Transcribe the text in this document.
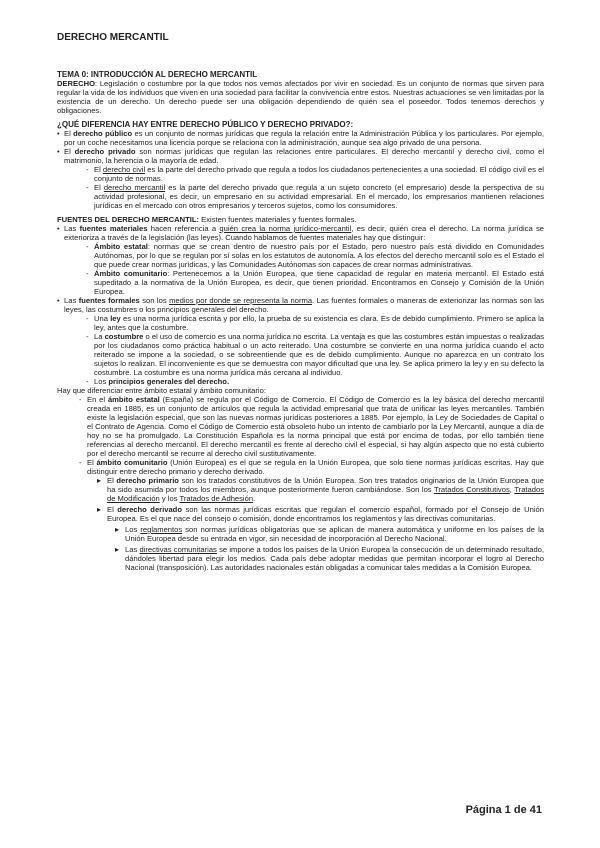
DERECHO MERCANTIL
TEMA 0: INTRODUCCIÓN AL DERECHO MERCANTIL

DERECHO: Legislación o costumbre por la que todos nos vemos afectados por vivir en sociedad. Es un conjunto de normas que sirven para regular la vida de los individuos que viven en una sociedad para facilitar la convivencia entre estos. Nuestras actuaciones se ven limitadas por la existencia de un derecho. Un derecho puede ser una obligación dependiendo de quién sea el poseedor. Todos tenemos derechos y obligaciones.

¿QUÉ DIFERENCIA HAY ENTRE DERECHO PÚBLICO Y DERECHO PRIVADO?:
• El derecho público es un conjunto de normas jurídicas que regula la relación entre la Administración Pública y los particulares. Por ejemplo, por un coche necesitamos una licencia porque se relaciona con la administración, aunque sea algo privado de una persona.
• El derecho privado son normas jurídicas que regulan las relaciones entre particulares. El derecho mercantil y derecho civil, como el matrimonio, la herencia o la mayoría de edad.
- El derecho civil es la parte del derecho privado que regula a todos los ciudadanos pertenecientes a una sociedad. El código civil es el conjunto de normas.
- El derecho mercantil es la parte del derecho privado que regula a un sujeto concreto (el empresario) desde la perspectiva de su actividad profesional, es decir, un empresario en su actividad empresarial. En el mercado, los empresarios mantienen relaciones jurídicas en el mercado con otros empresarios y terceros sujetos, como los consumidores.

FUENTES DEL DERECHO MERCANTIL: Existen fuentes materiales y fuentes formales.

• Las fuentes materiales hacen referencia a quién crea la norma jurídico-mercantil, es decir, quién crea el derecho. La norma jurídica se exterioriza a través de la legislación (las leyes). Cuando hablamos de fuentes materiales hay que distinguir:
- Ámbito estatal: normas que se crean dentro de nuestro país por el Estado, pero nuestro país está dividido en Comunidades Autónomas, por lo que se regulan por sí solas en los estatutos de autonomía. A los efectos del derecho mercantil solo es el Estado el que puede crear normas jurídicas, y las Comunidades Autónomas son capaces de crear normas administrativas.
- Ámbito comunitario: Pertenecemos a la Unión Europea, que tiene capacidad de regular en materia mercantil. El Estado está supeditado a la normativa de la Unión Europea, es decir, que tienen prioridad. Encontramos en Consejo y Comisión de la Unión Europea.
• Las fuentes formales son los medios por donde se representa la norma. Las fuentes formales o maneras de exteriorizar las normas son las leyes, las costumbres o los principios generales del derecho.
- Una ley es una norma jurídica escrita y por ello, la prueba de su existencia es clara. Es de debido cumplimiento. Primero se aplica la ley, antes que la costumbre.
- La costumbre o el uso de comercio es una norma jurídica no escrita. La ventaja es que las costumbres están impuestas o realizadas por los ciudadanos como práctica habitual o un acto reiterado. Una costumbre se convierte en una norma jurídica cuando el acto reiterado se impone a la sociedad, o se sobreentiende que es de debido cumplimiento. Aunque no aparezca en un contrato los sujetos lo realizan. El inconveniente es que se demuestra con mayor dificultad que una ley. Se aplica primero la ley y en su defecto la costumbre. La costumbre es una norma jurídica más cercana al individuo.
- Los principios generales del derecho.

Hay que diferenciar entre ámbito estatal y ámbito comunitario:

- En el ámbito estatal (España) se regula por el Código de Comercio. El Código de Comercio es la ley básica del derecho mercantil creada en 1885, es un conjunto de artículos que regula la actividad empresarial que trata de unificar las leyes mercantiles. También existe la legislación especial, que son las nuevas normas jurídicas posteriores a 1885. Por ejemplo, la Ley de Sociedades de Capital o el Contrato de Agencia. Como el Código de Comercio está obsoleto hubo un intento de cambiarlo por la Ley Mercantil, aunque a día de hoy no se ha promulgado. La Constitución Española es la norma principal que está por encima de todas, por ello también tiene referencias al derecho mercantil. El derecho mercantil es frente al derecho civil el especial, si hay algún aspecto que no está cubierto por el derecho mercantil se recurre al derecho civil sustitutivamente.
- El ámbito comunitario (Unión Europea) es el que se regula en la Unión Europea, que solo tiene normas jurídicas escritas. Hay que distinguir entre derecho primario y derecho derivado.
▸ El derecho primario son los tratados constitutivos de la Unión Europea. Son tres tratados originarios de la Unión Europea que ha sido asumida por todos los miembros, aunque posteriormente fueron cambiándose. Son los Tratados Constitutivos, Tratados de Modificación y los Tratados de Adhesión.
▸ El derecho derivado son las normas jurídicas escritas que regulan el comercio español, formado por el Consejo de Unión Europea. Es el que nace del consejo o comisión, donde encontramos los reglamentos y las directivas comunitarias.
▸ Los reglamentos son normas jurídicas obligatorias que se aplican de manera automática y uniforme en los países de la Unión Europea desde su entrada en vigor, sin necesidad de incorporación al Derecho Nacional.
▸ Las directivas comunitarias se impone a todos los países de la Unión Europea la consecución de un determinado resultado, dándoles libertad para elegir los medios. Cada país debe adoptar medidas que permitan incorporar el logro al Derecho Nacional (transposición). Las autoridades nacionales están obligadas a comunicar tales medidas a la Comisión Europea.
Página 1 de 41
